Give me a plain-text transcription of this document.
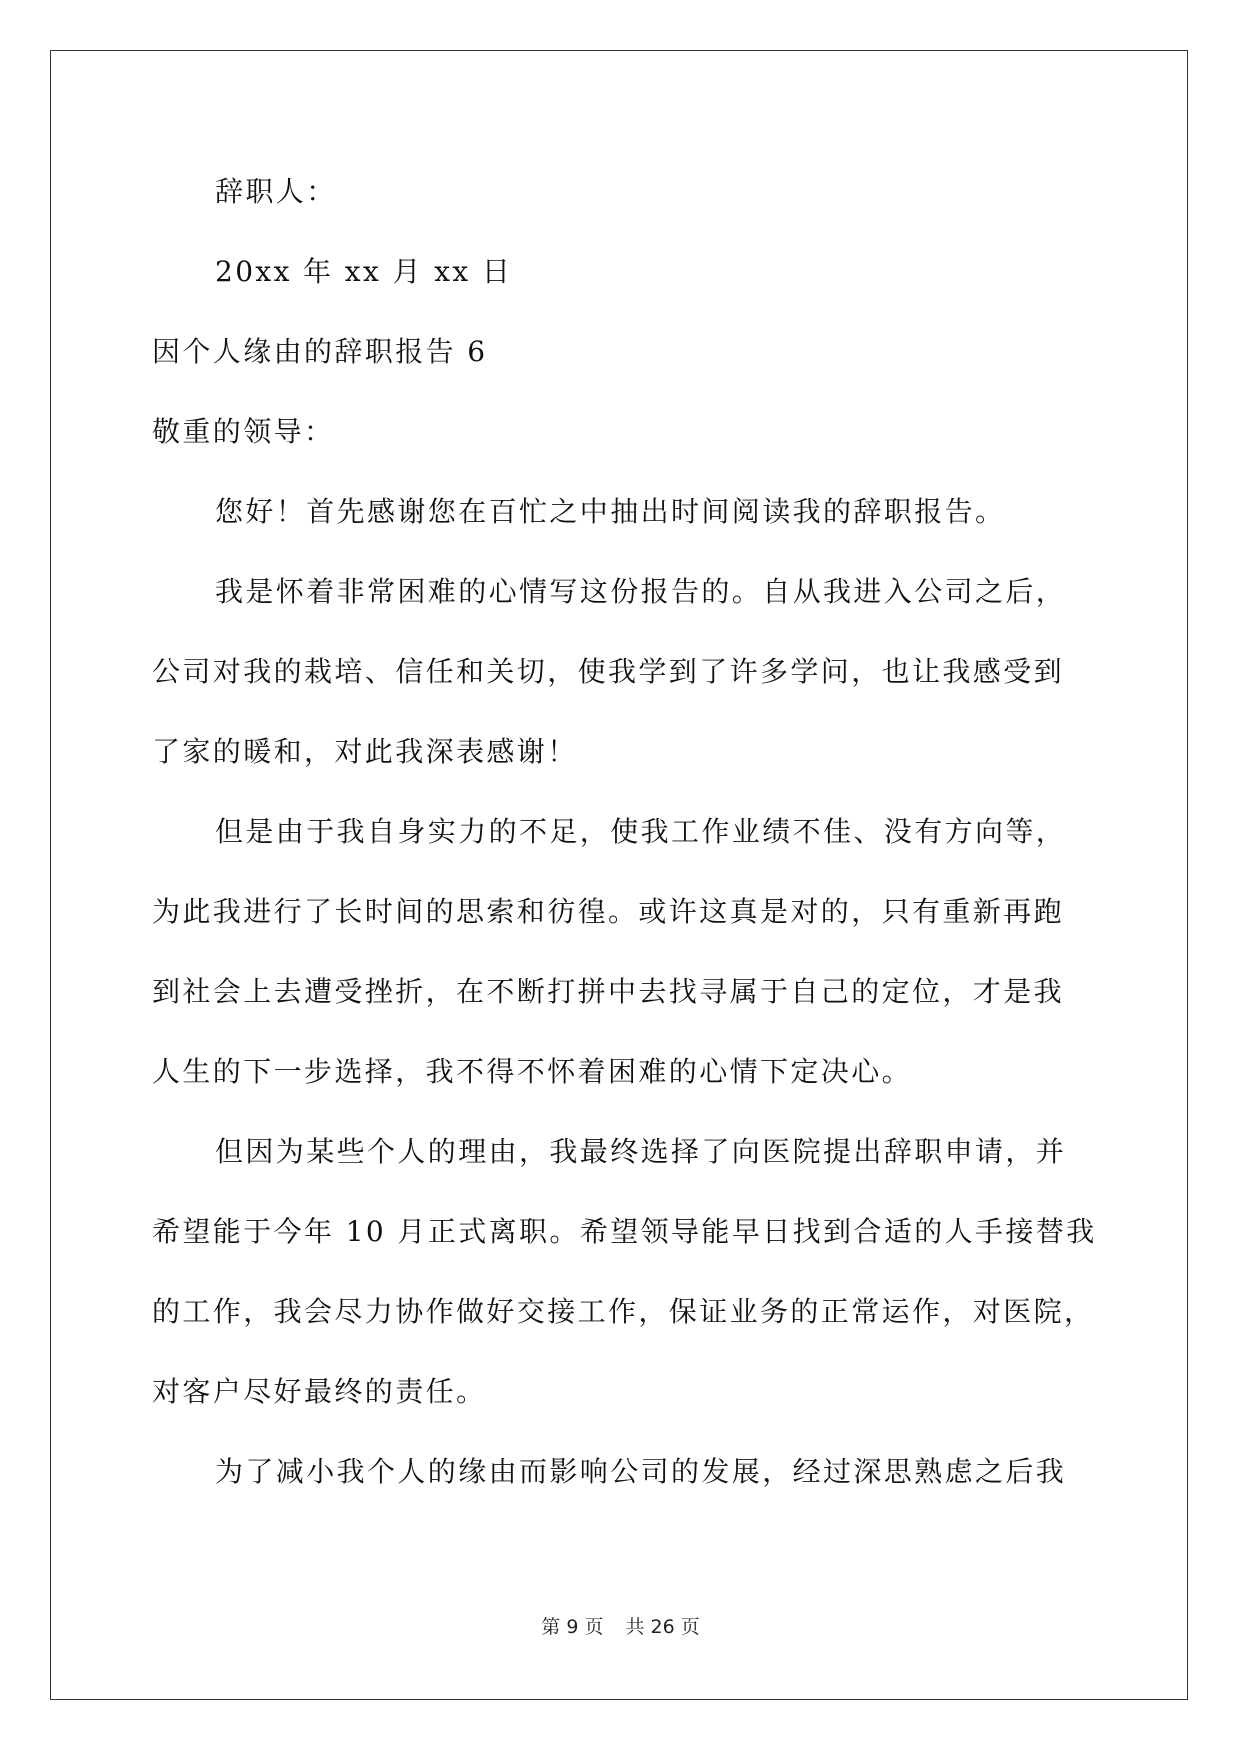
辞职人：
20xx 年 xx 月 xx 日
因个人缘由的辞职报告 6
敬重的领导：
您好！首先感谢您在百忙之中抽出时间阅读我的辞职报告。
我是怀着非常困难的心情写这份报告的。自从我进入公司之后，
公司对我的栽培、信任和关切，使我学到了许多学问，也让我感受到
了家的暖和，对此我深表感谢！
但是由于我自身实力的不足，使我工作业绩不佳、没有方向等，
为此我进行了长时间的思索和彷徨。或许这真是对的，只有重新再跑
到社会上去遭受挫折，在不断打拼中去找寻属于自己的定位，才是我
人生的下一步选择，我不得不怀着困难的心情下定决心。
但因为某些个人的理由，我最终选择了向医院提出辞职申请，并
希望能于今年 10 月正式离职。希望领导能早日找到合适的人手接替我
的工作，我会尽力协作做好交接工作，保证业务的正常运作，对医院，
对客户尽好最终的责任。
为了减小我个人的缘由而影响公司的发展，经过深思熟虑之后我
第 9 页 共 26 页
